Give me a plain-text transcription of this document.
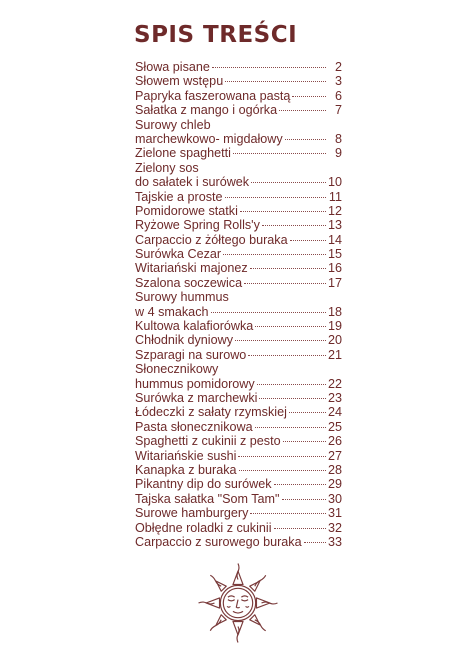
SPIS TREŚCI
Słowa pisane	2
Słowem wstępu	3
Papryka faszerowana pastą	6
Sałatka z mango i ogórka	7
Surowy chleb
marchewkowo- migdałowy	8
Zielone spaghetti	9
Zielony sos
do sałatek i surówek	10
Tajskie a proste	11
Pomidorowe statki	12
Ryżowe Spring Rolls'y	13
Carpaccio z żółtego buraka	14
Surówka Cezar	15
Witariański majonez	16
Szalona soczewica	17
Surowy hummus
w 4 smakach	18
Kultowa kalafiorówka	19
Chłodnik dyniowy	20
Szparagi na surowo	21
Słonecznikowy
hummus pomidorowy	22
Surówka z marchewki	23
Łódeczki z sałaty rzymskiej	24
Pasta słonecznikowa	25
Spaghetti z cukinii z pesto	26
Witariańskie sushi	27
Kanapka z buraka	28
Pikantny dip do surówek	29
Tajska sałatka "Som Tam"	30
Surowe hamburgery	31
Obłędne roladki z cukinii	32
Carpaccio z surowego buraka 33
